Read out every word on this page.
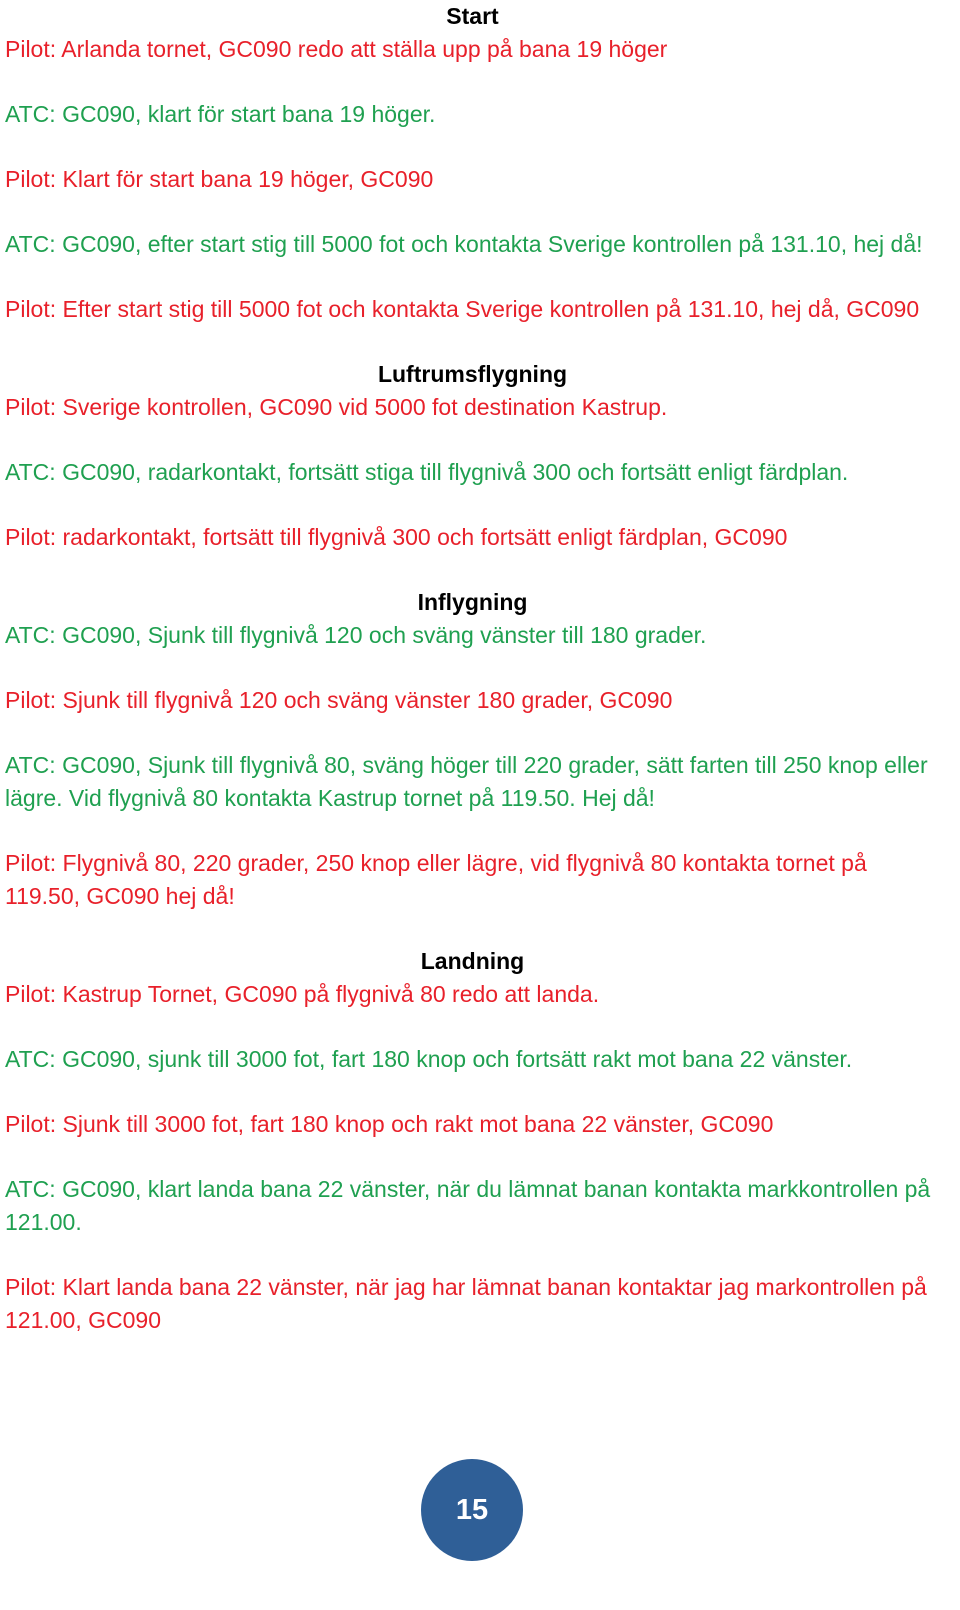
Start

Pilot: Arlanda tornet, GC090 redo att ställa upp på bana 19 höger

ATC: GC090, klart för start bana 19 höger.

Pilot: Klart för start bana 19 höger, GC090

ATC: GC090, efter start stig till 5000 fot och kontakta Sverige kontrollen på 131.10, hej då!

Pilot: Efter start stig till 5000 fot och kontakta Sverige kontrollen på 131.10, hej då, GC090

Luftrumsflygning

Pilot: Sverige kontrollen, GC090 vid 5000 fot destination Kastrup.

ATC: GC090, radarkontakt, fortsätt stiga till flygnivå 300 och fortsätt enligt färdplan.

Pilot: radarkontakt, fortsätt till flygnivå 300 och fortsätt enligt färdplan, GC090

Inflygning

ATC: GC090, Sjunk till flygnivå 120 och sväng vänster till 180 grader.

Pilot: Sjunk till flygnivå 120 och sväng vänster 180 grader, GC090

ATC: GC090, Sjunk till flygnivå 80, sväng höger till 220 grader, sätt farten till 250 knop eller lägre. Vid flygnivå 80 kontakta Kastrup tornet på 119.50. Hej då!

Pilot: Flygnivå 80, 220 grader, 250 knop eller lägre, vid flygnivå 80 kontakta tornet på 119.50, GC090 hej då!

Landning

Pilot: Kastrup Tornet, GC090 på flygnivå 80 redo att landa.

ATC: GC090, sjunk till 3000 fot, fart 180 knop och fortsätt rakt mot bana 22 vänster.

Pilot: Sjunk till 3000 fot, fart 180 knop och rakt mot bana 22 vänster, GC090

ATC: GC090, klart landa bana 22 vänster, när du lämnat banan kontakta markkontrollen på 121.00.

Pilot: Klart landa bana 22 vänster, när jag har lämnat banan kontaktar jag markontrollen på 121.00, GC090

15
